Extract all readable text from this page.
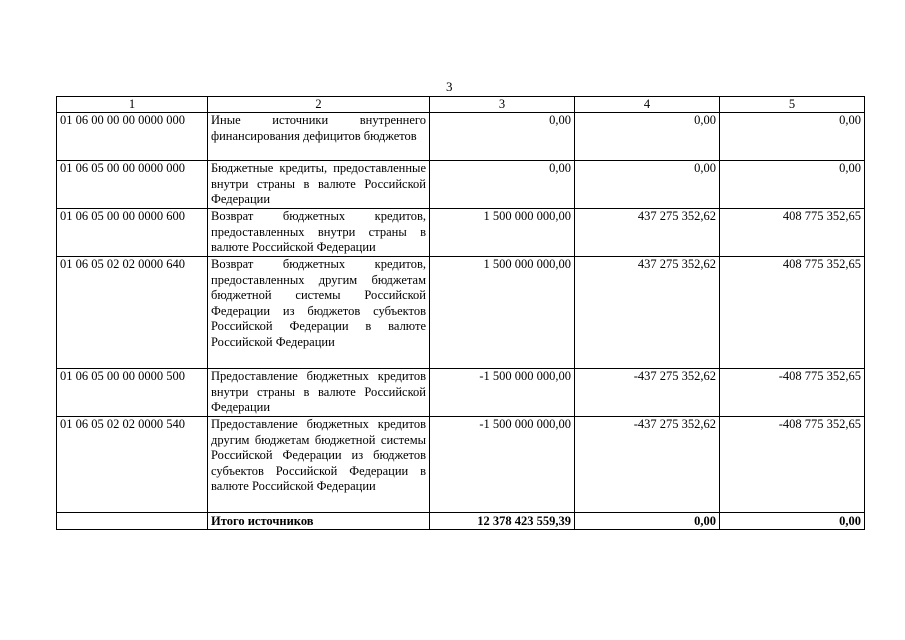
3
1	2	3	4	5
01 06 00 00 00 0000 000	Иные источники внутреннего финансирования дефицитов бюджетов	0,00	0,00	0,00
01 06 05 00 00 0000 000	Бюджетные кредиты, предоставленные внутри страны в валюте Российской Федерации	0,00	0,00	0,00
01 06 05 00 00 0000 600	Возврат бюджетных кредитов, предоставленных внутри страны в валюте Российской Федерации	1 500 000 000,00	437 275 352,62	408 775 352,65
01 06 05 02 02 0000 640	Возврат бюджетных кредитов, предоставленных другим бюджетам бюджетной системы Российской Федерации из бюджетов субъектов Российской Федерации в валюте Российской Федерации	1 500 000 000,00	437 275 352,62	408 775 352,65
01 06 05 00 00 0000 500	Предоставление бюджетных кредитов внутри страны в валюте Российской Федерации	-1 500 000 000,00	-437 275 352,62	-408 775 352,65
01 06 05 02 02 0000 540	Предоставление бюджетных кредитов другим бюджетам бюджетной системы Российской Федерации из бюджетов субъектов Российской Федерации в валюте Российской Федерации	-1 500 000 000,00	-437 275 352,62	-408 775 352,65
	Итого источников	12 378 423 559,39	0,00	0,00
